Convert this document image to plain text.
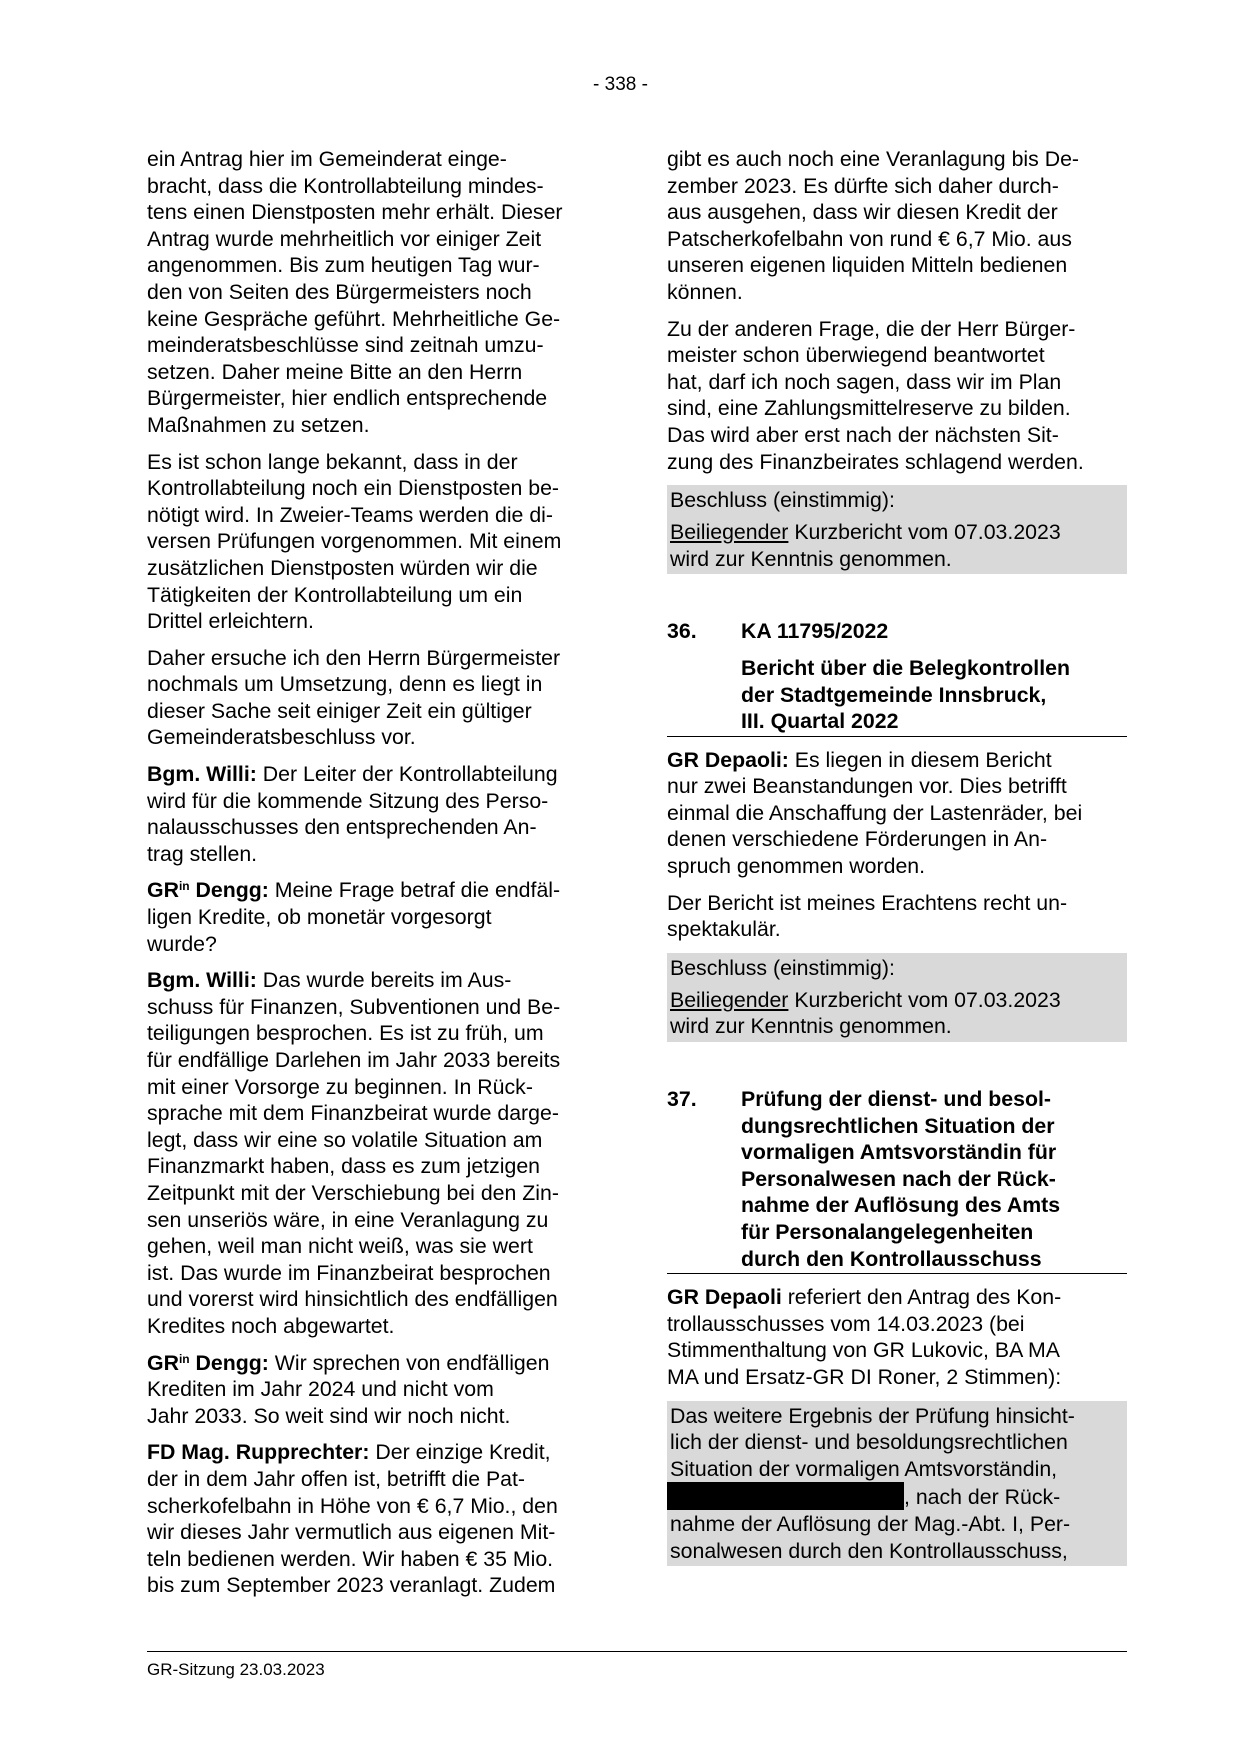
- 338 -
ein Antrag hier im Gemeinderat einge-
bracht, dass die Kontrollabteilung mindes-
tens einen Dienstposten mehr erhält. Dieser
Antrag wurde mehrheitlich vor einiger Zeit
angenommen. Bis zum heutigen Tag wur-
den von Seiten des Bürgermeisters noch
keine Gespräche geführt. Mehrheitliche Ge-
meinderatsbeschlüsse sind zeitnah umzu-
setzen. Daher meine Bitte an den Herrn
Bürgermeister, hier endlich entsprechende
Maßnahmen zu setzen.
Es ist schon lange bekannt, dass in der
Kontrollabteilung noch ein Dienstposten be-
nötigt wird. In Zweier-Teams werden die di-
versen Prüfungen vorgenommen. Mit einem
zusätzlichen Dienstposten würden wir die
Tätigkeiten der Kontrollabteilung um ein
Drittel erleichtern.
Daher ersuche ich den Herrn Bürgermeister
nochmals um Umsetzung, denn es liegt in
dieser Sache seit einiger Zeit ein gültiger
Gemeinderatsbeschluss vor.
Bgm. Willi: Der Leiter der Kontrollabteilung
wird für die kommende Sitzung des Perso-
nalausschusses den entsprechenden An-
trag stellen.
$GR^{in}$ Dengg: Meine Frage betraf die endfäl-
ligen Kredite, ob monetär vorgesorgt
wurde?
Bgm. Willi: Das wurde bereits im Aus-
schuss für Finanzen, Subventionen und Be-
teiligungen besprochen. Es ist zu früh, um
für endfällige Darlehen im Jahr 2033 bereits
mit einer Vorsorge zu beginnen. In Rück-
sprache mit dem Finanzbeirat wurde darge-
legt, dass wir eine so volatile Situation am
Finanzmarkt haben, dass es zum jetzigen
Zeitpunkt mit der Verschiebung bei den Zin-
sen unseriös wäre, in eine Veranlagung zu
gehen, weil man nicht weiß, was sie wert
ist. Das wurde im Finanzbeirat besprochen
und vorerst wird hinsichtlich des endfälligen
Kredites noch abgewartet.
$GR^{in}$ Dengg: Wir sprechen von endfälligen
Krediten im Jahr 2024 und nicht vom
Jahr 2033. So weit sind wir noch nicht.
FD Mag. Rupprechter: Der einzige Kredit,
der in dem Jahr offen ist, betrifft die Pat-
scherkofelbahn in Höhe von € 6,7 Mio., den
wir dieses Jahr vermutlich aus eigenen Mit-
teln bedienen werden. Wir haben € 35 Mio.
bis zum September 2023 veranlagt. Zudem
gibt es auch noch eine Veranlagung bis De-
zember 2023. Es dürfte sich daher durch-
aus ausgehen, dass wir diesen Kredit der
Patscherkofelbahn von rund € 6,7 Mio. aus
unseren eigenen liquiden Mitteln bedienen
können.
Zu der anderen Frage, die der Herr Bürger-
meister schon überwiegend beantwortet
hat, darf ich noch sagen, dass wir im Plan
sind, eine Zahlungsmittelreserve zu bilden.
Das wird aber erst nach der nächsten Sit-
zung des Finanzbeirates schlagend werden.
Beschluss (einstimmig):
Beiliegender Kurzbericht vom 07.03.2023
wird zur Kenntnis genommen.
36. KA 11795/2022
Bericht über die Belegkontrollen
der Stadtgemeinde Innsbruck,
III. Quartal 2022
GR Depaoli: Es liegen in diesem Bericht
nur zwei Beanstandungen vor. Dies betrifft
einmal die Anschaffung der Lastenräder, bei
denen verschiedene Förderungen in An-
spruch genommen worden.
Der Bericht ist meines Erachtens recht un-
spektakulär.
Beschluss (einstimmig):
Beiliegender Kurzbericht vom 07.03.2023
wird zur Kenntnis genommen.
37. Prüfung der dienst- und besol-
dungsrechtlichen Situation der
vormaligen Amtsvorständin für
Personalwesen nach der Rück-
nahme der Auflösung des Amts
für Personalangelegenheiten
durch den Kontrollausschuss
GR Depaoli referiert den Antrag des Kon-
trollausschusses vom 14.03.2023 (bei
Stimmenthaltung von GR Lukovic, BA MA
MA und Ersatz-GR DI Roner, 2 Stimmen):
Das weitere Ergebnis der Prüfung hinsicht-
lich der dienst- und besoldungsrechtlichen
Situation der vormaligen Amtsvorständin,
, nach der Rück-
nahme der Auflösung der Mag.-Abt. I, Per-
sonalwesen durch den Kontrollausschuss,
GR-Sitzung 23.03.2023
